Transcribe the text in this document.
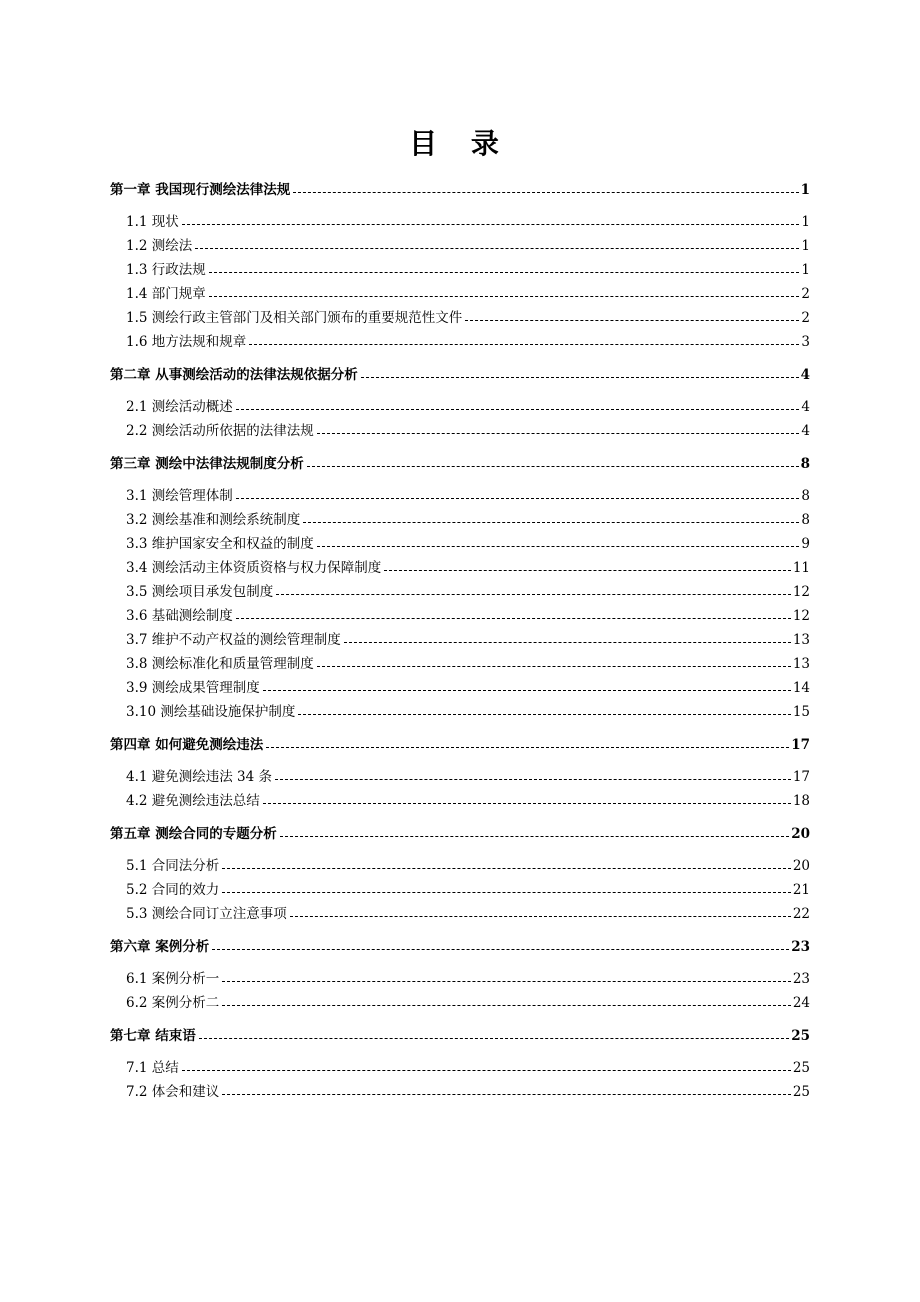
目 录
第一章 我国现行测绘法律法规	1
1.1 现状	1
1.2 测绘法	1
1.3 行政法规	1
1.4 部门规章	2
1.5 测绘行政主管部门及相关部门颁布的重要规范性文件	2
1.6 地方法规和规章	3
第二章 从事测绘活动的法律法规依据分析	4
2.1 测绘活动概述	4
2.2 测绘活动所依据的法律法规	4
第三章 测绘中法律法规制度分析	8
3.1 测绘管理体制	8
3.2 测绘基准和测绘系统制度	8
3.3 维护国家安全和权益的制度	9
3.4 测绘活动主体资质资格与权力保障制度	11
3.5 测绘项目承发包制度	12
3.6 基础测绘制度	12
3.7 维护不动产权益的测绘管理制度	13
3.8 测绘标准化和质量管理制度	13
3.9 测绘成果管理制度	14
3.10 测绘基础设施保护制度	15
第四章 如何避免测绘违法	17
4.1 避免测绘违法 34 条	17
4.2 避免测绘违法总结	18
第五章 测绘合同的专题分析	20
5.1 合同法分析	20
5.2 合同的效力	21
5.3 测绘合同订立注意事项	22
第六章 案例分析	23
6.1 案例分析一	23
6.2 案例分析二	24
第七章 结束语	25
7.1 总结	25
7.2 体会和建议	25
